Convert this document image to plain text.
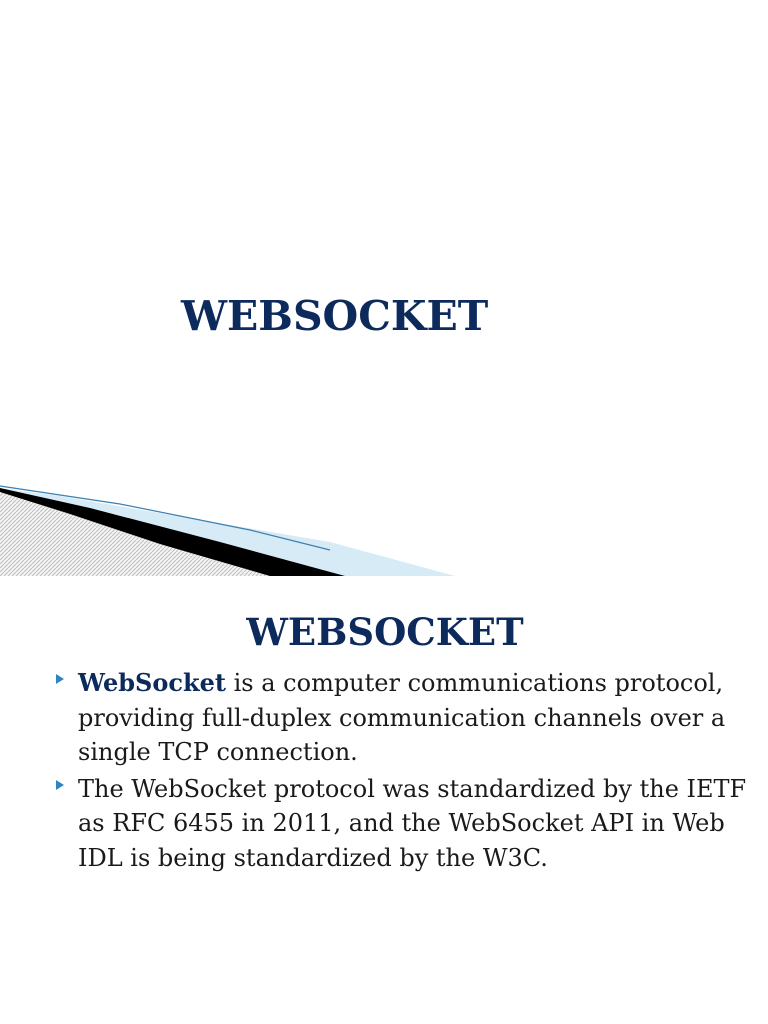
WEBSOCKET
WEBSOCKET
WebSocket is a computer communications protocol, providing full-duplex communication channels over a single TCP connection.
The WebSocket protocol was standardized by the IETF as RFC 6455 in 2011, and the WebSocket API in Web IDL is being standardized by the W3C.
